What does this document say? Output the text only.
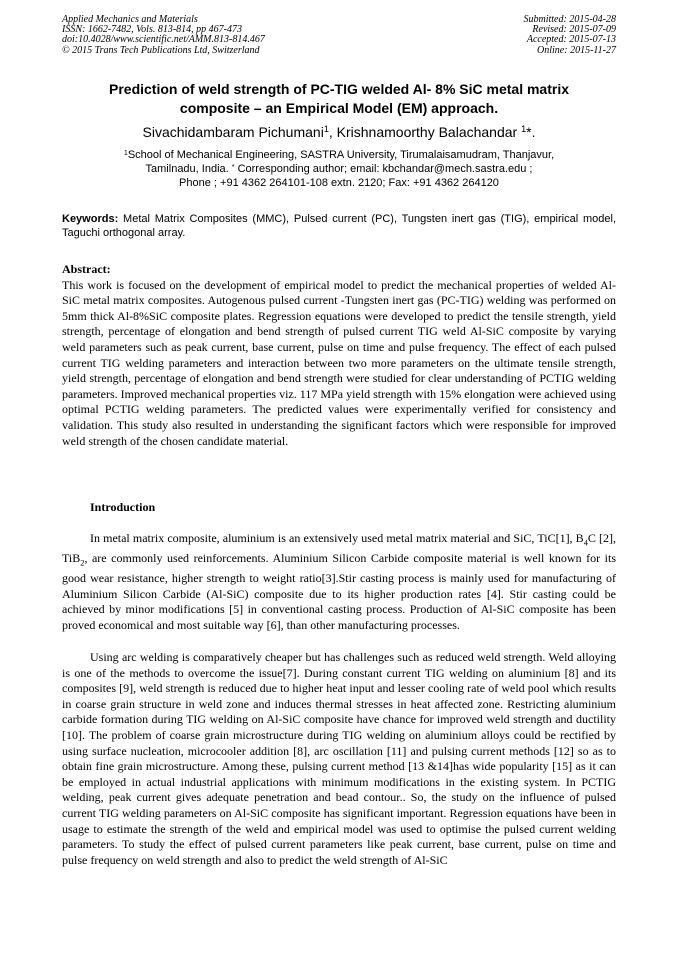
Applied Mechanics and Materials
ISSN: 1662-7482, Vols. 813-814, pp 467-473
doi:10.4028/www.scientific.net/AMM.813-814.467
© 2015 Trans Tech Publications Ltd, Switzerland
Submitted: 2015-04-28
Revised: 2015-07-09
Accepted: 2015-07-13
Online: 2015-11-27
Prediction of weld strength of PC-TIG welded Al- 8% SiC metal matrix
composite – an Empirical Model (EM) approach.
Sivachidambaram Pichumani$^1$, Krishnamoorthy Balachandar $^1$*.
$^1$School of Mechanical Engineering, SASTRA University, Tirumalaisamudram, Thanjavur,
Tamilnadu, India. * Corresponding author; email: kbchandar@mech.sastra.edu ;
Phone ; +91 4362 264101-108 extn. 2120; Fax: +91 4362 264120
Keywords: Metal Matrix Composites (MMC), Pulsed current (PC), Tungsten inert gas (TIG), empirical model, Taguchi orthogonal array.
Abstract:
This work is focused on the development of empirical model to predict the mechanical properties of welded Al-SiC metal matrix composites. Autogenous pulsed current -Tungsten inert gas (PC-TIG) welding was performed on 5mm thick Al-8%SiC composite plates. Regression equations were developed to predict the tensile strength, yield strength, percentage of elongation and bend strength of pulsed current TIG weld Al-SiC composite by varying weld parameters such as peak current, base current, pulse on time and pulse frequency. The effect of each pulsed current TIG welding parameters and interaction between two more parameters on the ultimate tensile strength, yield strength, percentage of elongation and bend strength were studied for clear understanding of PCTIG welding parameters. Improved mechanical properties viz. 117 MPa yield strength with 15% elongation were achieved using optimal PCTIG welding parameters. The predicted values were experimentally verified for consistency and validation. This study also resulted in understanding the significant factors which were responsible for improved weld strength of the chosen candidate material.
Introduction
In metal matrix composite, aluminium is an extensively used metal matrix material and SiC, TiC[1], $B_4C$ [2], TiB$_2$, are commonly used reinforcements. Aluminium Silicon Carbide composite material is well known for its good wear resistance, higher strength to weight ratio[3].Stir casting process is mainly used for manufacturing of Aluminium Silicon Carbide (Al-SiC) composite due to its higher production rates [4]. Stir casting could be achieved by minor modifications [5] in conventional casting process. Production of Al-SiC composite has been proved economical and most suitable way [6], than other manufacturing processes.
Using arc welding is comparatively cheaper but has challenges such as reduced weld strength. Weld alloying is one of the methods to overcome the issue[7]. During constant current TIG welding on aluminium [8] and its composites [9], weld strength is reduced due to higher heat input and lesser cooling rate of weld pool which results in coarse grain structure in weld zone and induces thermal stresses in heat affected zone. Restricting aluminium carbide formation during TIG welding on Al-SiC composite have chance for improved weld strength and ductility [10]. The problem of coarse grain microstructure during TIG welding on aluminium alloys could be rectified by using surface nucleation, microcooler addition [8], arc oscillation [11] and pulsing current methods [12] so as to obtain fine grain microstructure. Among these, pulsing current method [13 &14]has wide popularity [15] as it can be employed in actual industrial applications with minimum modifications in the existing system. In PCTIG welding, peak current gives adequate penetration and bead contour.. So, the study on the influence of pulsed current TIG welding parameters on Al-SiC composite has significant important. Regression equations have been in usage to estimate the strength of the weld and empirical model was used to optimise the pulsed current welding parameters. To study the effect of pulsed current parameters like peak current, base current, pulse on time and pulse frequency on weld strength and also to predict the weld strength of Al-SiC
